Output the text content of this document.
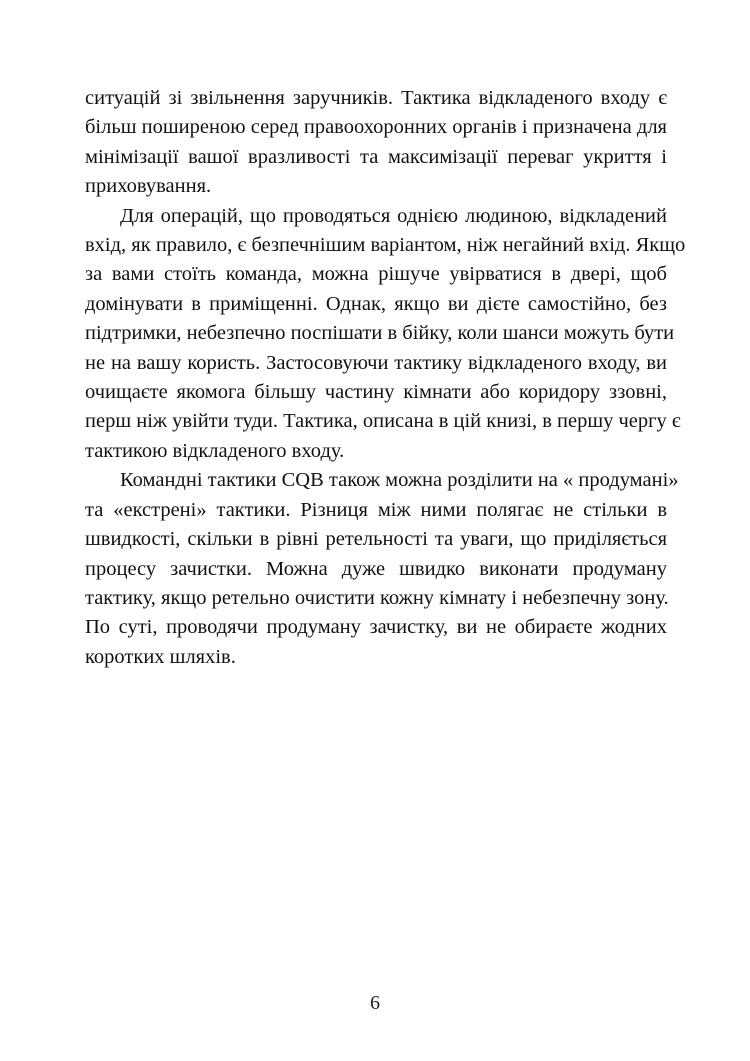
ситуацій зі звільнення заручників. Тактика відкладеного входу є
більш поширеною серед правоохоронних органів і призначена для
мінімізації вашої вразливості та максимізації переваг укриття і
приховування.
Для операцій, що проводяться однією людиною, відкладений
вхід, як правило, є безпечнішим варіантом, ніж негайний вхід. Якщо
за вами стоїть команда, можна рішуче увірватися в двері, щоб
домінувати в приміщенні. Однак, якщо ви дієте самостійно, без
підтримки, небезпечно поспішати в бійку, коли шанси можуть бути
не на вашу користь. Застосовуючи тактику відкладеного входу, ви
очищаєте якомога більшу частину кімнати або коридору ззовні,
перш ніж увійти туди. Тактика, описана в цій книзі, в першу чергу є
тактикою відкладеного входу.
Командні тактики CQB також можна розділити на « продумані»
та «екстрені» тактики. Різниця між ними полягає не стільки в
швидкості, скільки в рівні ретельності та уваги, що приділяється
процесу зачистки. Можна дуже швидко виконати продуману
тактику, якщо ретельно очистити кожну кімнату і небезпечну зону.
По суті, проводячи продуману зачистку, ви не обираєте жодних
коротких шляхів.
6
